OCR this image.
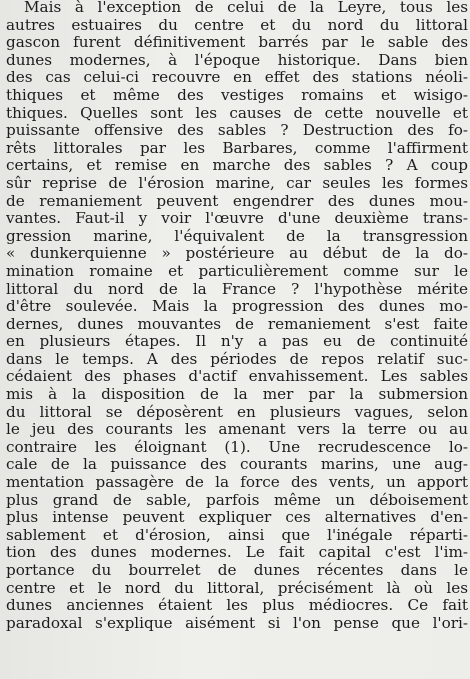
Mais à l'exception de celui de la Leyre, tous les
autres estuaires du centre et du nord du littoral
gascon furent définitivement barrés par le sable des
dunes modernes, à l'époque historique. Dans bien
des cas celui-ci recouvre en effet des stations néoli-
thiques et même des vestiges romains et wisigo-
thiques. Quelles sont les causes de cette nouvelle et
puissante offensive des sables ? Destruction des fo-
rêts littorales par les Barbares, comme l'affirment
certains, et remise en marche des sables ? A coup
sûr reprise de l'érosion marine, car seules les formes
de remaniement peuvent engendrer des dunes mou-
vantes. Faut-il y voir l'œuvre d'une deuxième trans-
gression marine, l'équivalent de la transgression
« dunkerquienne » postérieure au début de la do-
mination romaine et particulièrement comme sur le
littoral du nord de la France ? l'hypothèse mérite
d'être soulevée. Mais la progression des dunes mo-
dernes, dunes mouvantes de remaniement s'est faite
en plusieurs étapes. Il n'y a pas eu de continuité
dans le temps. A des périodes de repos relatif suc-
cédaient des phases d'actif envahissement. Les sables
mis à la disposition de la mer par la submersion
du littoral se déposèrent en plusieurs vagues, selon
le jeu des courants les amenant vers la terre ou au
contraire les éloignant (1). Une recrudescence lo-
cale de la puissance des courants marins, une aug-
mentation passagère de la force des vents, un apport
plus grand de sable, parfois même un déboisement
plus intense peuvent expliquer ces alternatives d'en-
sablement et d'érosion, ainsi que l'inégale réparti-
tion des dunes modernes. Le fait capital c'est l'im-
portance du bourrelet de dunes récentes dans le
centre et le nord du littoral, précisément là où les
dunes anciennes étaient les plus médiocres. Ce fait
paradoxal s'explique aisément si l'on pense que l'ori-
